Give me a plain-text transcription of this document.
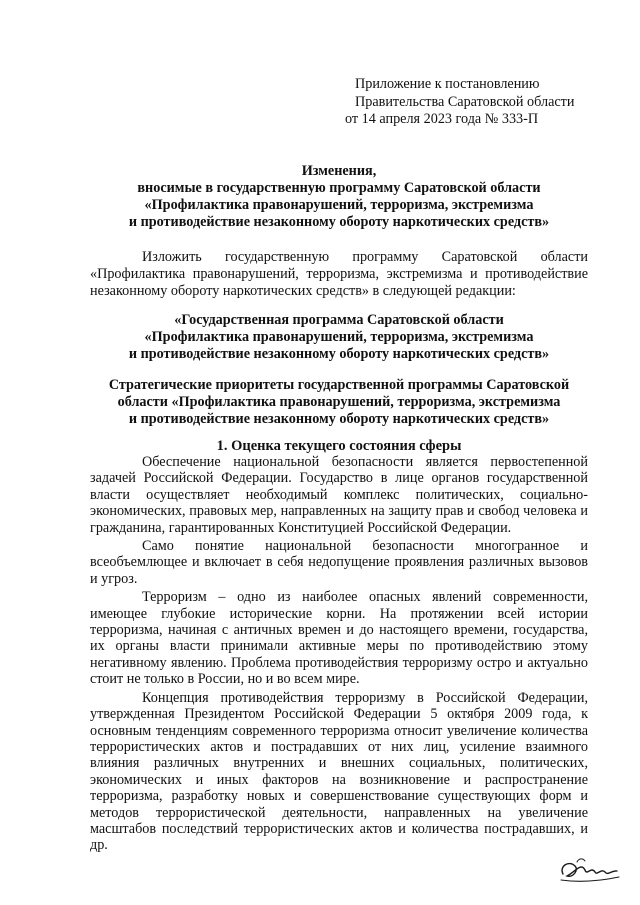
Приложение к постановлению
Правительства Саратовской области
от 14 апреля 2023 года № 333-П
Изменения,
вносимые в государственную программу Саратовской области
«Профилактика правонарушений, терроризма, экстремизма
и противодействие незаконному обороту наркотических средств»

Изложить государственную программу Саратовской области «Профилактика правонарушений, терроризма, экстремизма и противодействие незаконному обороту наркотических средств» в следующей редакции:

«Государственная программа Саратовской области
«Профилактика правонарушений, терроризма, экстремизма
и противодействие незаконному обороту наркотических средств»
Стратегические приоритеты государственной программы Саратовской
области «Профилактика правонарушений, терроризма, экстремизма
и противодействие незаконному обороту наркотических средств»
1. Оценка текущего состояния сферы

Обеспечение национальной безопасности является первостепенной задачей Российской Федерации. Государство в лице органов государственной власти осуществляет необходимый комплекс политических, социально-экономических, правовых мер, направленных на защиту прав и свобод человека и гражданина, гарантированных Конституцией Российской Федерации.

Само понятие национальной безопасности многогранное и всеобъемлющее и включает в себя недопущение проявления различных вызовов и угроз.

Терроризм – одно из наиболее опасных явлений современности, имеющее глубокие исторические корни. На протяжении всей истории терроризма, начиная с античных времен и до настоящего времени, государства, их органы власти принимали активные меры по противодействию этому негативному явлению. Проблема противодействия терроризму остро и актуально стоит не только в России, но и во всем мире.

Концепция противодействия терроризму в Российской Федерации, утвержденная Президентом Российской Федерации 5 октября 2009 года, к основным тенденциям современного терроризма относит увеличение количества террористических актов и пострадавших от них лиц, усиление взаимного влияния различных внутренних и внешних социальных, политических, экономических и иных факторов на возникновение и распространение терроризма, разработку новых и совершенствование существующих форм и методов террористической деятельности, направленных на увеличение масштабов последствий террористических актов и количества пострадавших, и др.
